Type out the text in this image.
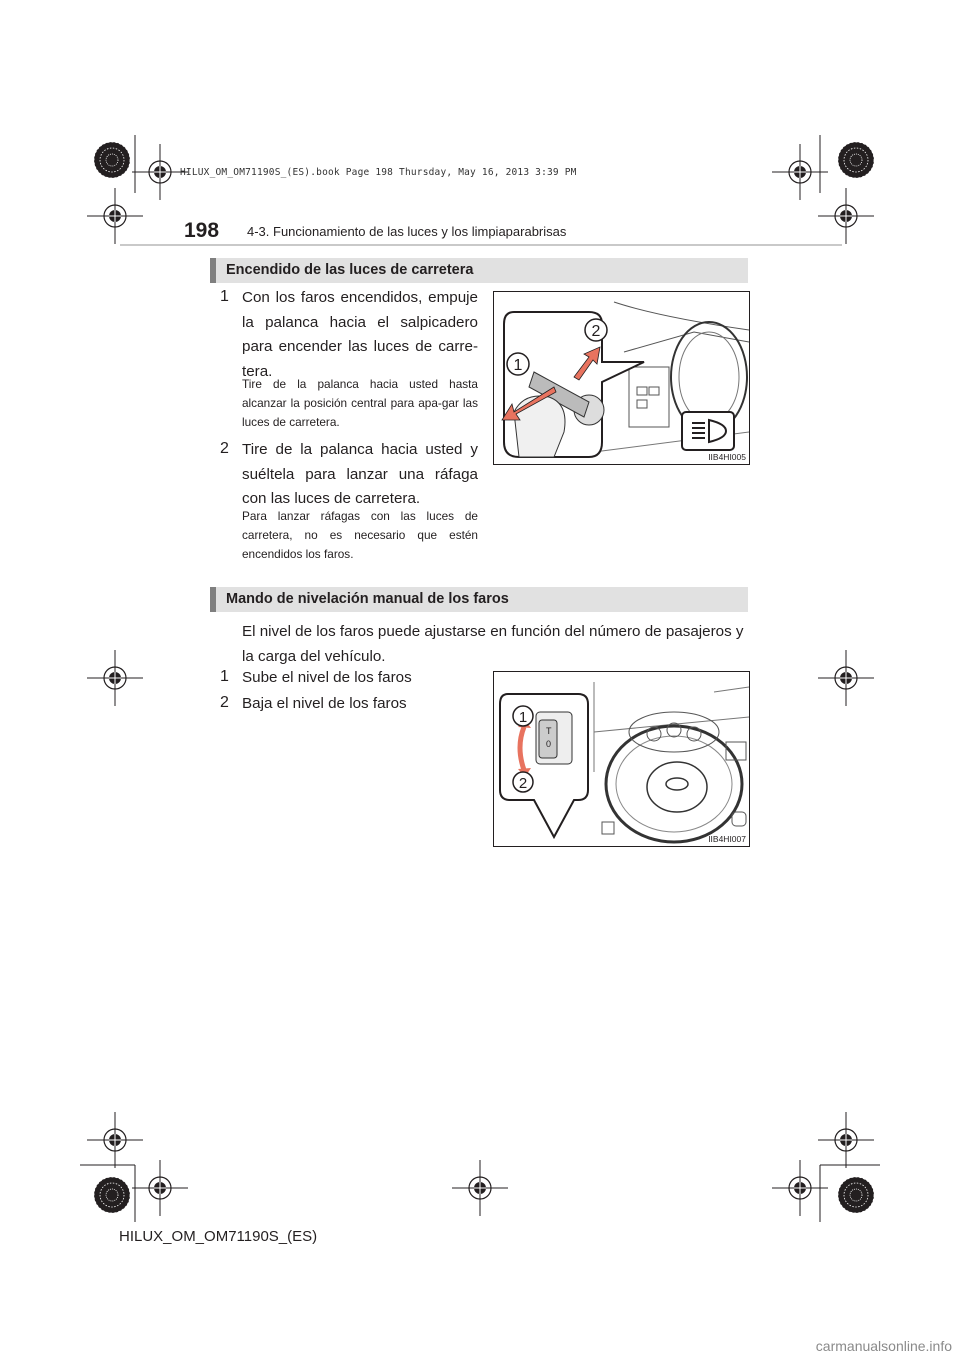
HILUX_OM_OM71190S_(ES).book Page 198 Thursday, May 16, 2013 3:39 PM
198 4-3. Funcionamiento de las luces y los limpiaparabrisas
Encendido de las luces de carretera
1 Con los faros encendidos, empuje la palanca hacia el salpicadero para encender las luces de carre-tera.
Tire de la palanca hacia usted hasta alcanzar la posición central para apa-gar las luces de carretera.
2 Tire de la palanca hacia usted y suéltela para lanzar una ráfaga con las luces de carretera.
Para lanzar ráfagas con las luces de carretera, no es necesario que estén encendidos los faros.
1
2
IIB4HI005
Mando de nivelación manual de los faros
El nivel de los faros puede ajustarse en función del número de pasajeros y la carga del vehículo.
1 Sube el nivel de los faros
2 Baja el nivel de los faros
T
0
1
2
IIB4HI007
HILUX_OM_OM71190S_(ES)
carmanualsonline.info
